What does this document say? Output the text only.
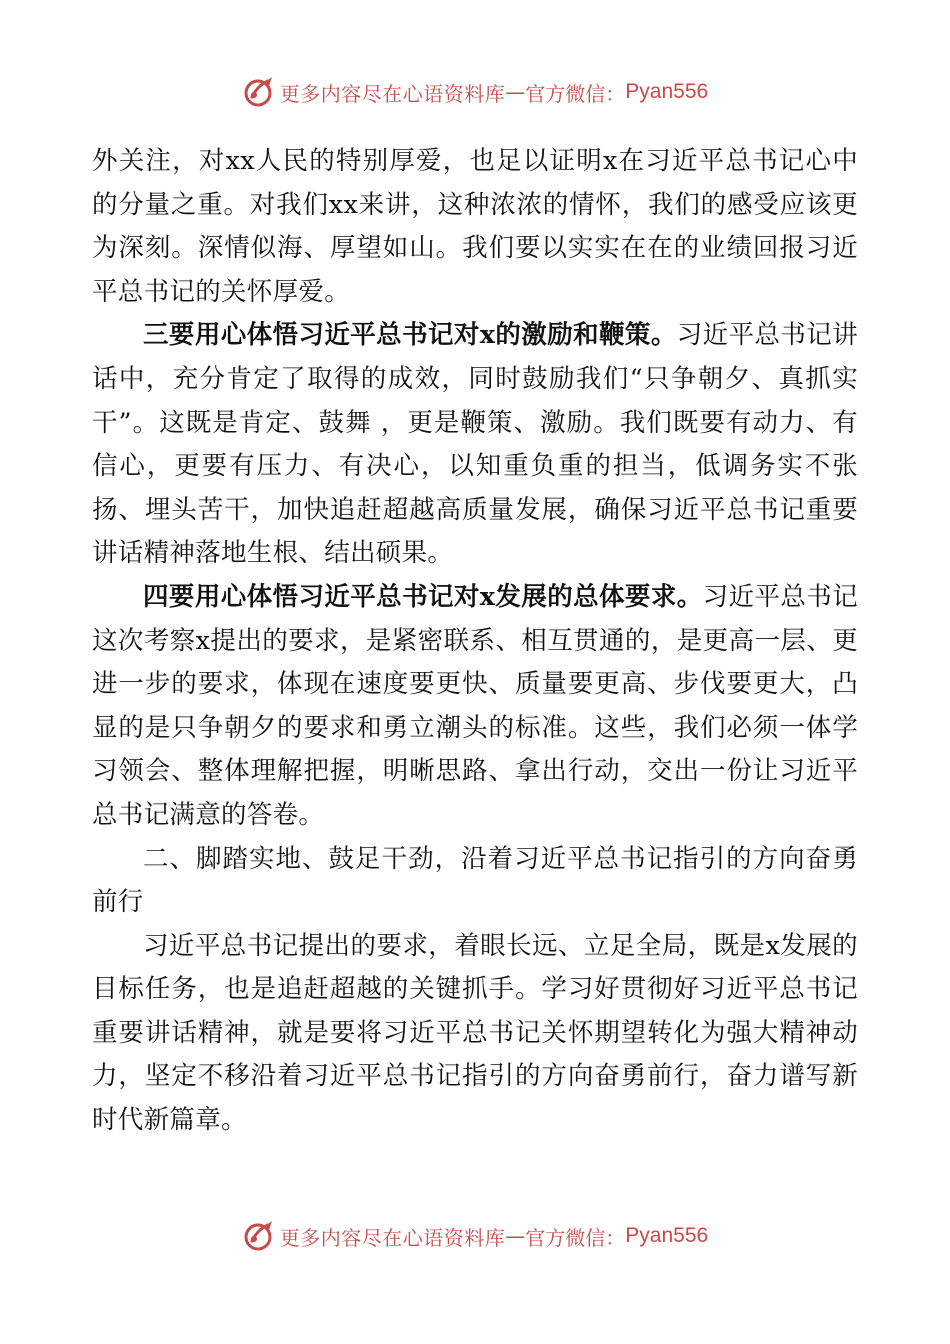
更多内容尽在心语资料库 — 官方微信： Pyan556

外关注，对xx人民的特别厚爱，也足以证明x在习近平总书记心中的分量之重。对我们xx来讲，这种浓浓的情怀，我们的感受应该更为深刻。深情似海、厚望如山。我们要以实实在在的业绩回报习近平总书记的关怀厚爱。

三要用心体悟习近平总书记对x的激励和鞭策。习近平总书记讲话中，充分肯定了取得的成效，同时鼓励我们“只争朝夕、真抓实干”。这既是肯定、鼓舞 ，更是鞭策、激励。我们既要有动力、有信心，更要有压力、有决心，以知重负重的担当，低调务实不张扬、埋头苦干，加快追赶超越高质量发展，确保习近平总书记重要讲话精神落地生根、结出硕果。

四要用心体悟习近平总书记对x发展的总体要求。习近平总书记这次考察x提出的要求，是紧密联系、相互贯通的，是更高一层、更进一步的要求，体现在速度要更快、质量要更高、步伐要更大，凸显的是只争朝夕的要求和勇立潮头的标准。这些，我们必须一体学习领会、整体理解把握，明晰思路、拿出行动，交出一份让习近平总书记满意的答卷。

二、脚踏实地、鼓足干劲，沿着习近平总书记指引的方向奋勇前行

习近平总书记提出的要求，着眼长远、立足全局，既是x发展的目标任务，也是追赶超越的关键抓手。学习好贯彻好习近平总书记重要讲话精神，就是要将习近平总书记关怀期望转化为强大精神动力，坚定不移沿着习近平总书记指引的方向奋勇前行，奋力谱写新时代新篇章。

更多内容尽在心语资料库 — 官方微信： Pyan556
